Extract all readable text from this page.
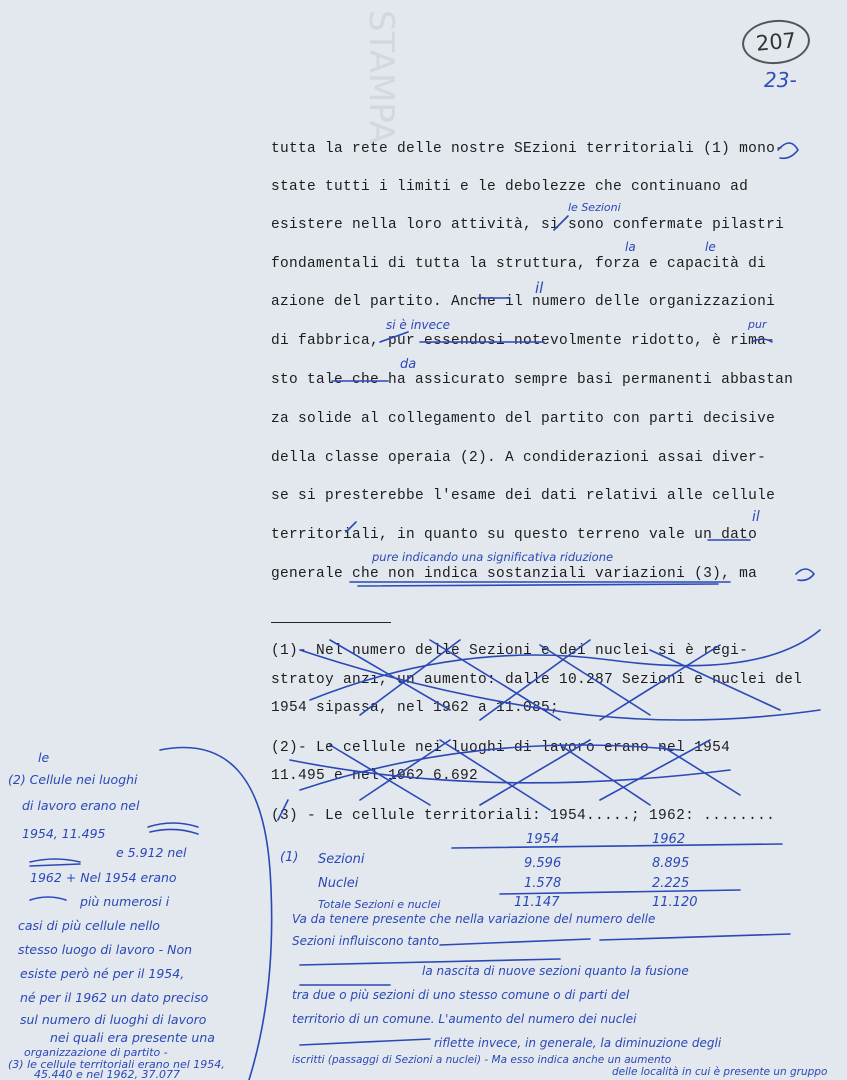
STAMPA	207
23-

tutta la rete delle nostre SEzioni territoriali (1) mono-

state tutti i limiti e le debolezze che continuano ad

esistere nella loro attività, si sono confermate pilastri

fondamentali di tutta la struttura, forza e capacità di

azione del partito. Anche il numero delle organizzazioni

di fabbrica, pur essendosi notevolmente ridotto, è rima-

sto tale che ha assicurato sempre basi permanenti abbastan

za solide al collegamento del partito con parti decisive

della classe operaia (2). A condiderazioni assai diver-

se si presterebbe l'esame dei dati relativi alle cellule

territoriali, in quanto su questo terreno vale un dato

generale che non indica sostanziali variazioni (3), ma

le Sezioni

la	le

il

si è invece	pur

da

il

pure indicando una significativa riduzione

(1)- Nel numero delle Sezioni e dei nuclei si è regi-

stratoy anzi, un aumento: dalle 10.287 Sezioni e nuclei del

1954 sipassa, nel 1962 a 11.085;

(2)- Le cellule nei luoghi di lavoro erano nel 1954

11.495 e nel 1962 6.692

(3) - Le cellule territoriali: 1954.....; 1962: ........

le

(2) Cellule nei luoghi

di lavoro erano nel

1954, 11.495

e 5.912 nel

1962 + Nel 1954 erano

più numerosi i

casi di più cellule nello

stesso luogo di lavoro - Non

esiste però né per il 1954,

né per il 1962 un dato preciso

sul numero di luoghi di lavoro

nei quali era presente una

organizzazione di partito -

(3) le cellule territoriali erano nel 1954,

45.440 e nel 1962, 37.077

(1)

1954	1962

Sezioni	9.596	8.895

Nuclei	1.578	2.225

Totale Sezioni e nuclei	11.147	11.120

Va da tenere presente che nella variazione del numero delle

Sezioni influiscono tanto

la nascita di nuove sezioni quanto la fusione

tra due o più sezioni di uno stesso comune o di parti del

territorio di un comune. L'aumento del numero dei nuclei

riflette invece, in generale, la diminuzione degli

iscritti (passaggi di Sezioni a nuclei) - Ma esso indica anche un aumento

delle località in cui è presente un gruppo
